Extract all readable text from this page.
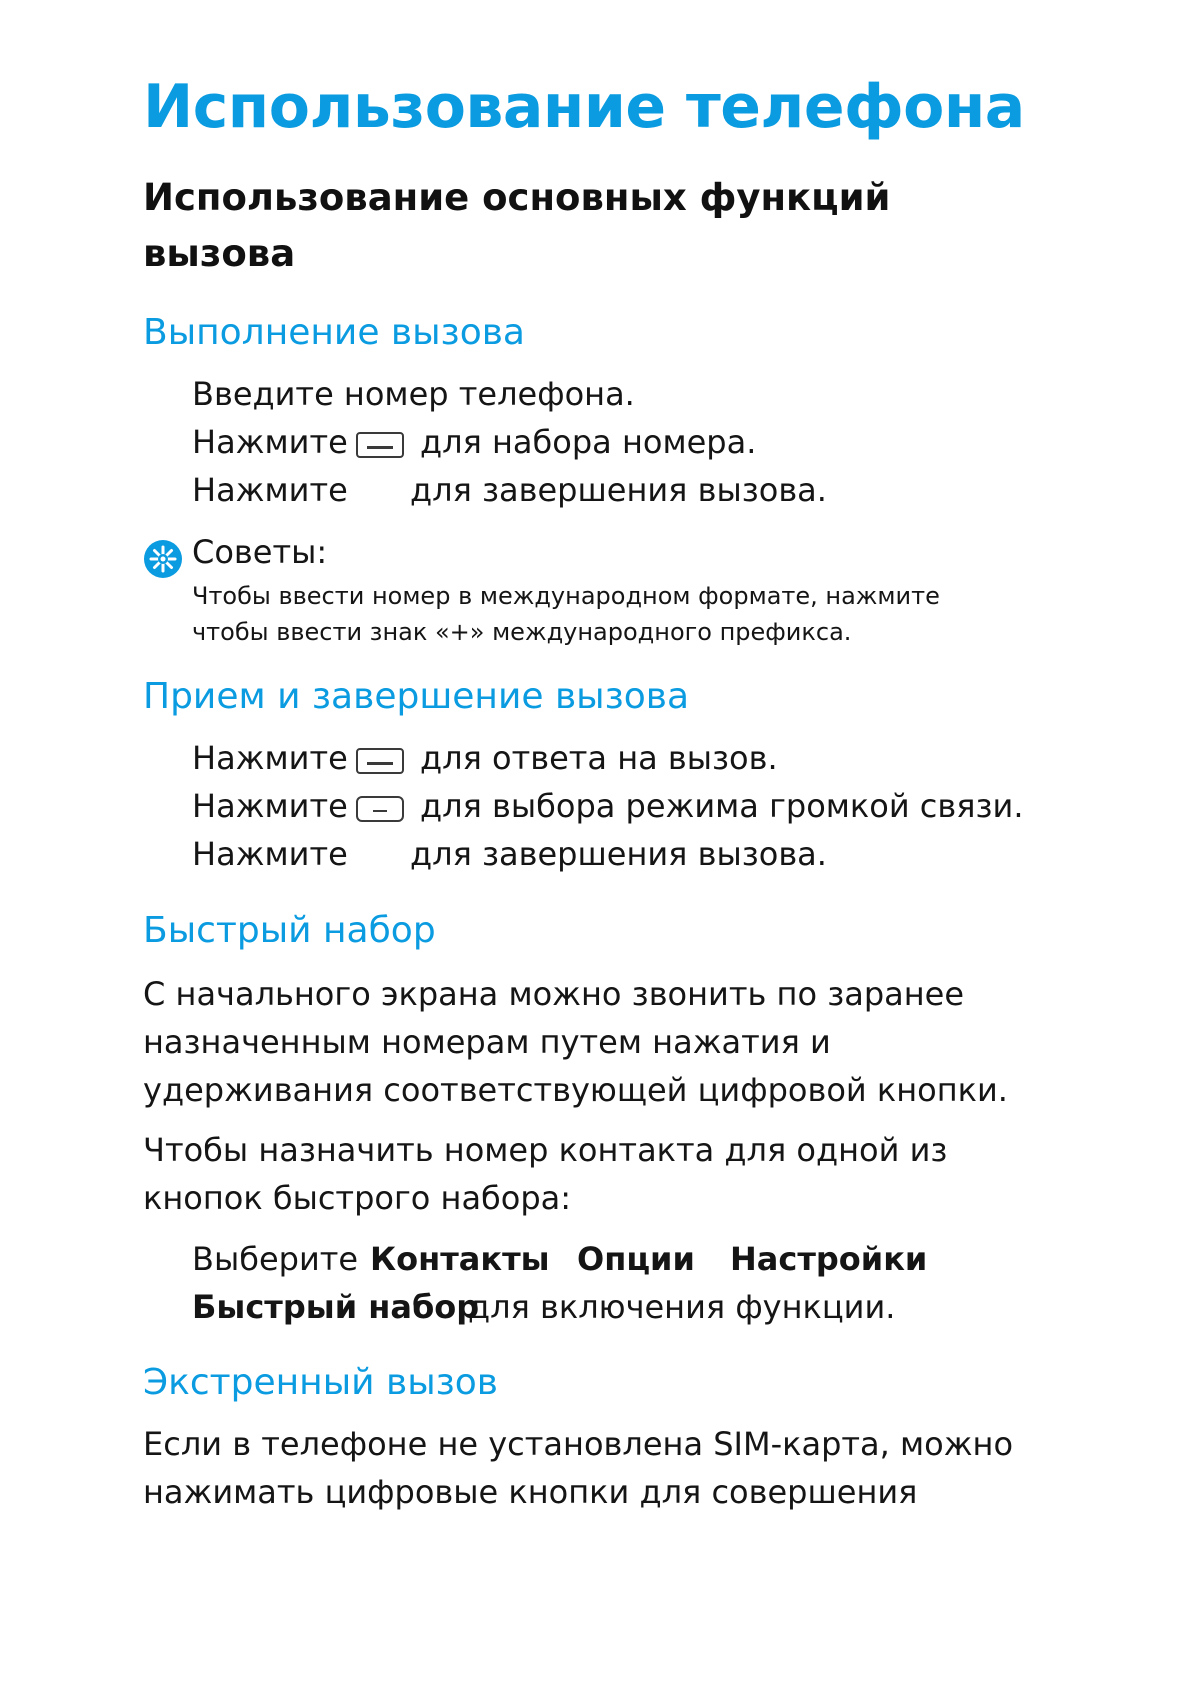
Использование телефона
Использование основных функций
вызова
Выполнение вызова
Введите номер телефона.
Нажмите для набора номера.
Нажмите для завершения вызова.
Советы:
Чтобы ввести номер в международном формате, нажмите
чтобы ввести знак «+» международного префикса.
Прием и завершение вызова
Нажмите для ответа на вызов.
Нажмите для выбора режима громкой связи.
Нажмите для завершения вызова.
Быстрый набор
С начального экрана можно звонить по заранее
назначенным номерам путем нажатия и
удерживания соответствующей цифровой кнопки.
Чтобы назначить номер контакта для одной из
кнопок быстрого набора:
Выберите Контакты Опции Настройки
Быстрый набор
для включения функции.
Экстренный вызов
Если в телефоне не установлена SIM-карта, можно
нажимать цифровые кнопки для совершения
